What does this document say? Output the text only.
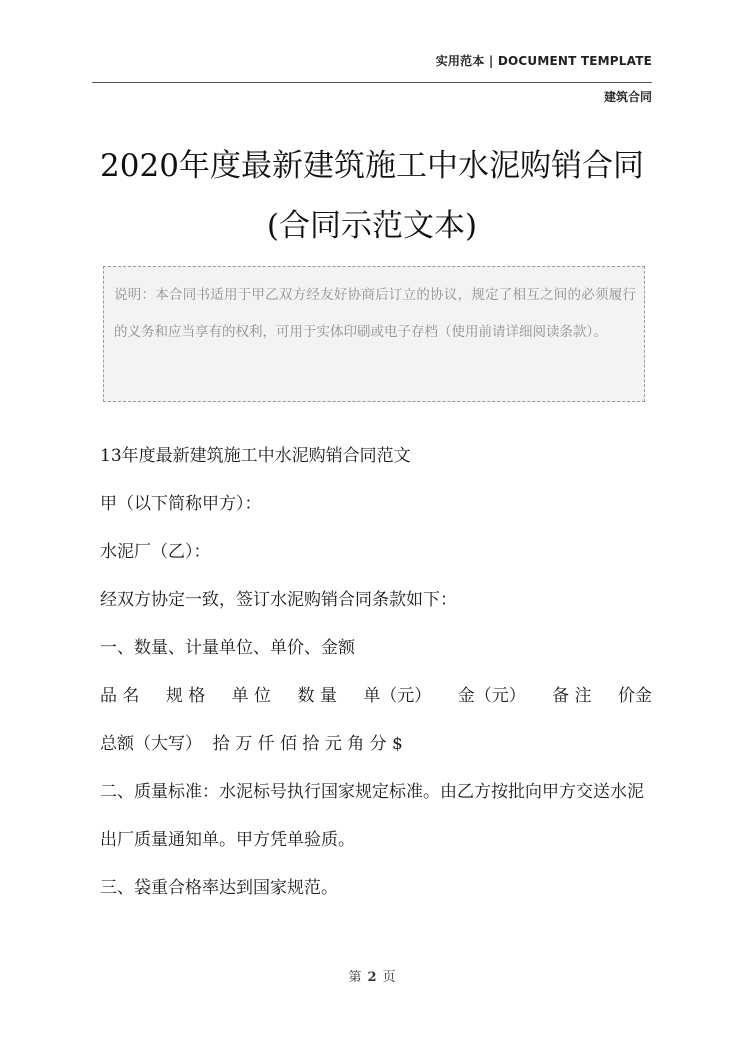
实用范本 | DOCUMENT TEMPLATE
建筑合同
2020年度最新建筑施工中水泥购销合同
(合同示范文本)
说明：本合同书适用于甲乙双方经友好协商后订立的协议，规定了相互之间的必须履行的义务和应当享有的权利，可用于实体印刷或电子存档（使用前请详细阅读条款）。

13年度最新建筑施工中水泥购销合同范文

甲（以下简称甲方）：

水泥厂（乙）：

经双方协定一致，签订水泥购销合同条款如下：

一、数量、计量单位、单价、金额

品 名 规 格 单 位 数 量 单（元） 金（元） 备 注 价金

总额（大写）  拾 万 仟 佰 拾 元 角 分 $

二、质量标准：水泥标号执行国家规定标准。由乙方按批向甲方交送水泥出厂质量通知单。甲方凭单验质。

三、袋重合格率达到国家规范。

第 2 页
